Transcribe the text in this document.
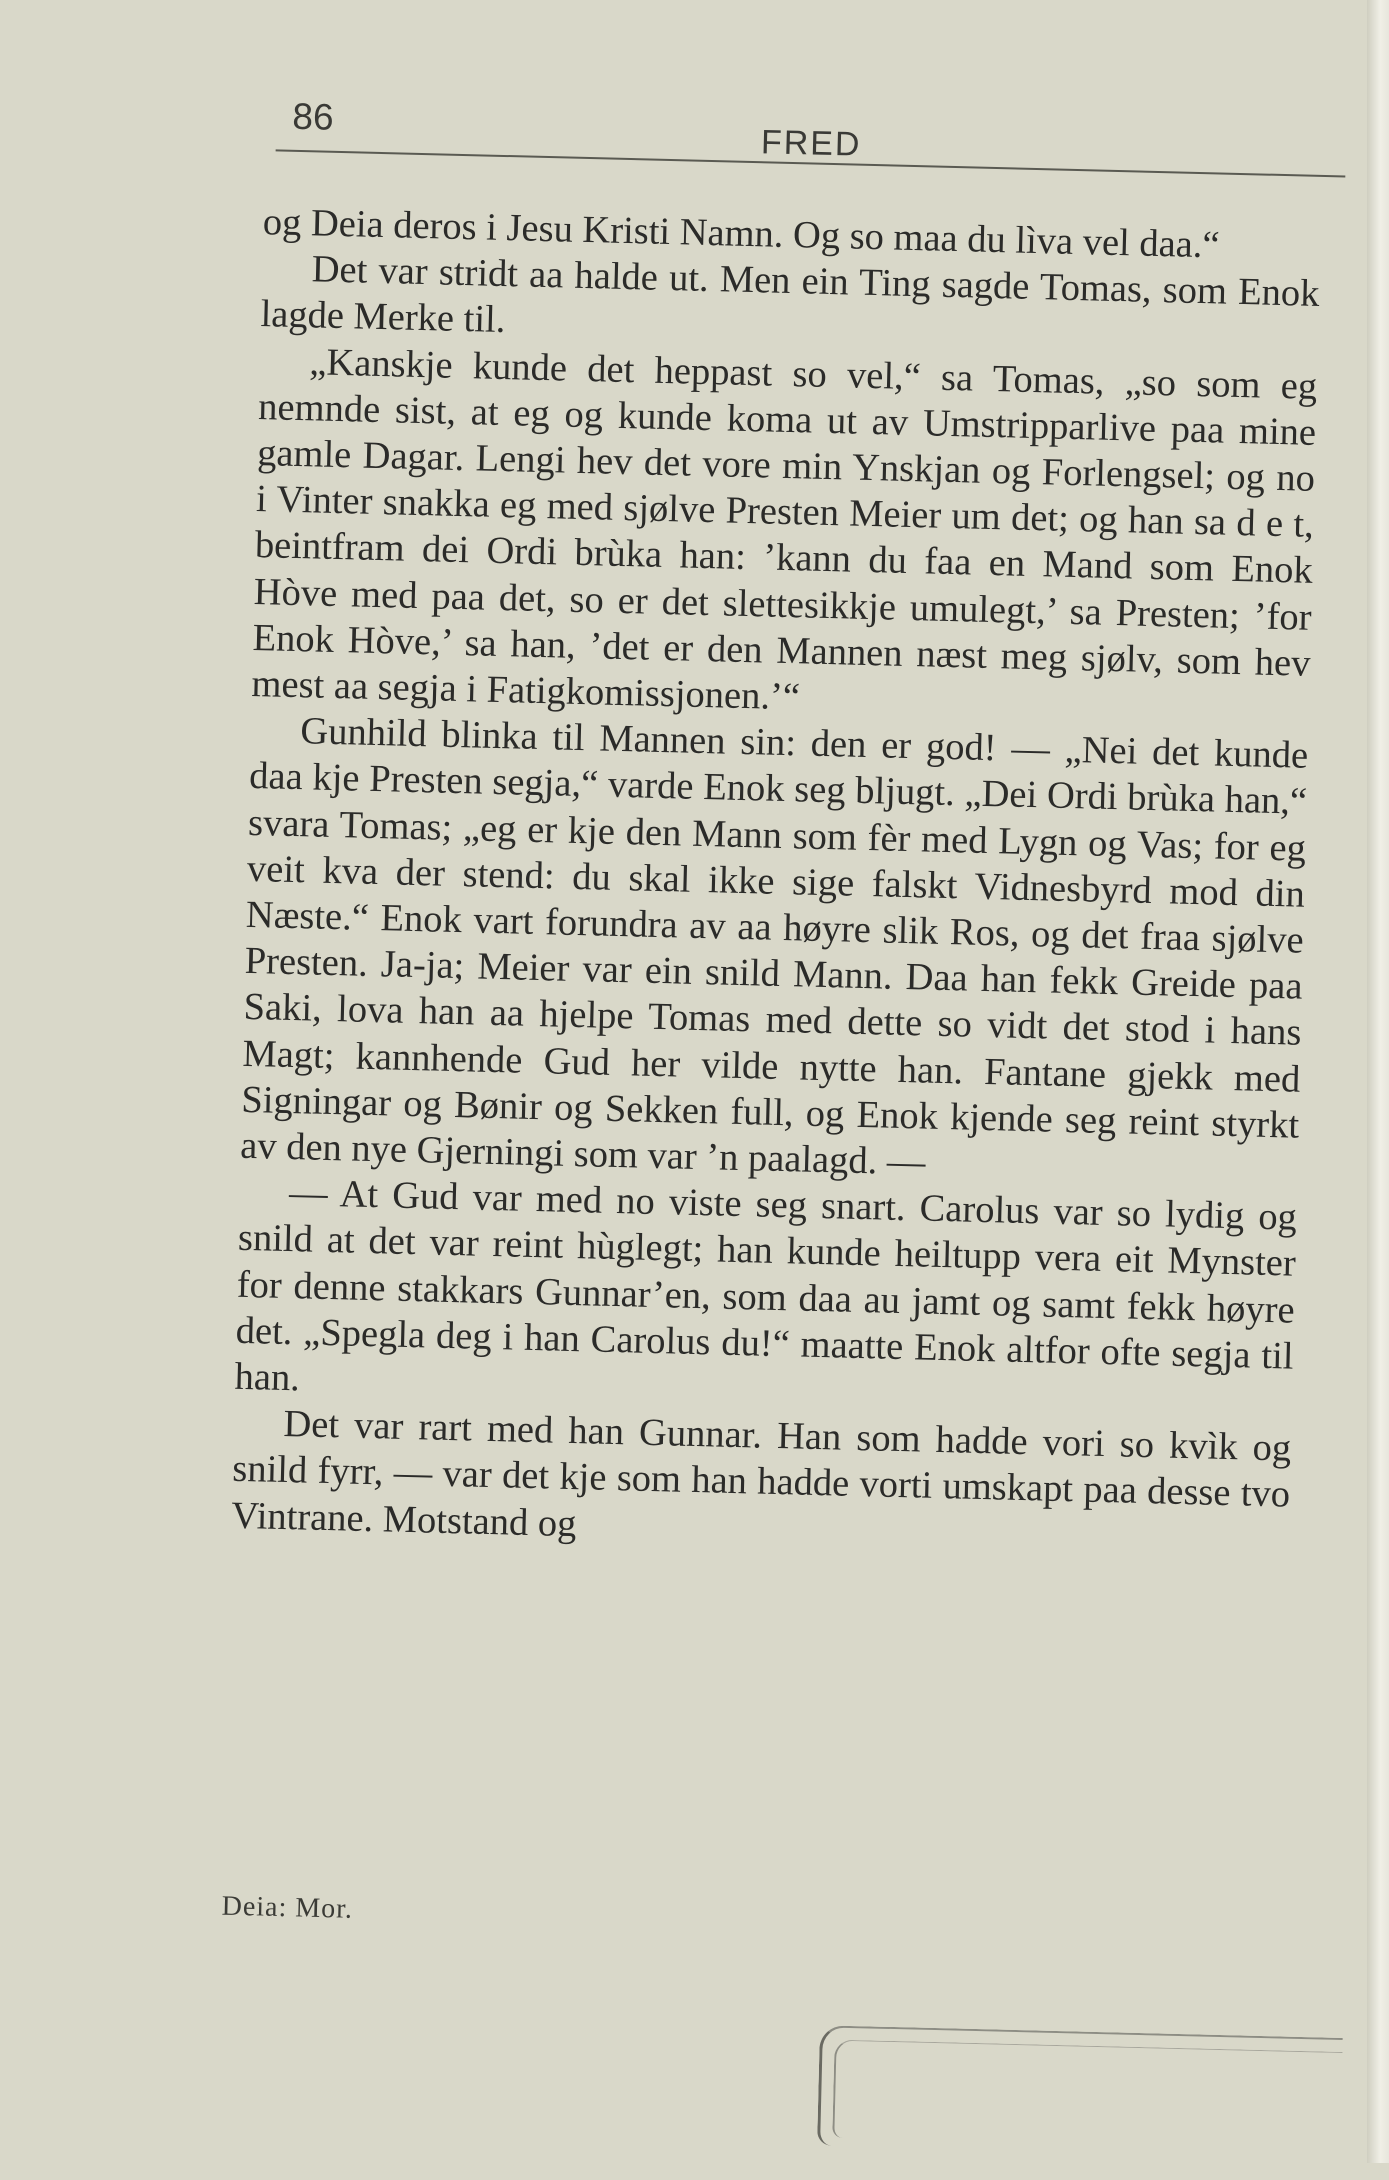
86
FRED

og Deia deros i Jesu Kristi Namn. Og so maa du lìva vel daa.“

Det var stridt aa halde ut. Men ein Ting sagde Tomas, som Enok lagde Merke til.

„Kanskje kunde det heppast so vel,“ sa Tomas, „so som eg nemnde sist, at eg og kunde koma ut av Umstripparlive paa mine gamle Dagar. Lengi hev det vore min Ynskjan og Forlengsel; og no i Vinter snakka eg med sjølve Presten Meier um det; og han sa d e t, beintfram dei Ordi brùka han: ’kann du faa en Mand som Enok Hòve med paa det, so er det slettesikkje umulegt,’ sa Presten; ’for Enok Hòve,’ sa han, ’det er den Mannen næst meg sjølv, som hev mest aa segja i Fatigkomissjonen.’“

Gunhild blinka til Mannen sin: den er god! — „Nei det kunde daa kje Presten segja,“ varde Enok seg bljugt. „Dei Ordi brùka han,“ svara Tomas; „eg er kje den Mann som fèr med Lygn og Vas; for eg veit kva der stend: du skal ikke sige falskt Vidnesbyrd mod din Næste.“ Enok vart forundra av aa høyre slik Ros, og det fraa sjølve Presten. Ja-ja; Meier var ein snild Mann. Daa han fekk Greide paa Saki, lova han aa hjelpe Tomas med dette so vidt det stod i hans Magt; kannhende Gud her vilde nytte han. Fantane gjekk med Signingar og Bønir og Sekken full, og Enok kjende seg reint styrkt av den nye Gjerningi som var ’n paalagd. —

— At Gud var med no viste seg snart. Carolus var so lydig og snild at det var reint hùglegt; han kunde heiltupp vera eit Mynster for denne stakkars Gunnar’en, som daa au jamt og samt fekk høyre det. „Spegla deg i han Carolus du!“ maatte Enok altfor ofte segja til han.

Det var rart med han Gunnar. Han som hadde vori so kvìk og snild fyrr, — var det kje som han hadde vorti umskapt paa desse tvo Vintrane. Motstand og

Deia: Mor.
